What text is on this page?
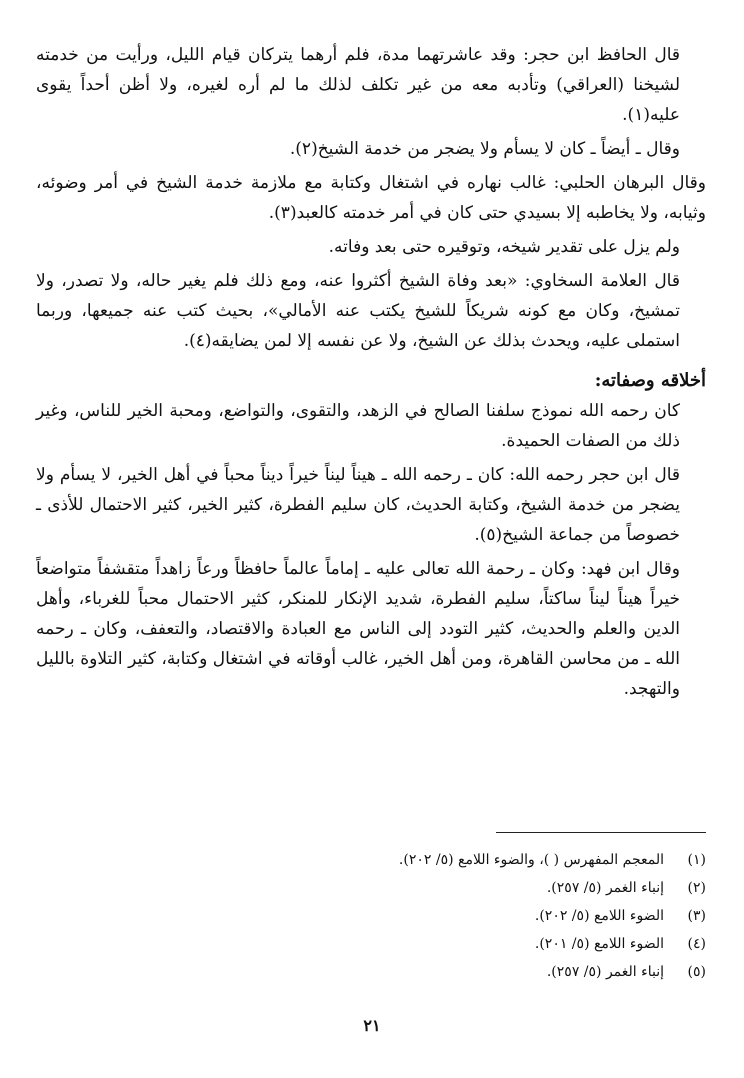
قال الحافظ ابن حجر: وقد عاشرتهما مدة، فلم أرهما يتركان قيام الليل، ورأيت من خدمته لشيخنا (العراقي) وتأدبه معه من غير تكلف لذلك ما لم أره لغيره، ولا أظن أحداً يقوى عليه(١).

وقال ـ أيضاً ـ كان لا يسأم ولا يضجر من خدمة الشيخ(٢).

وقال البرهان الحلبي: غالب نهاره في اشتغال وكتابة مع ملازمة خدمة الشيخ في أمر وضوئه، وثيابه، ولا يخاطبه إلا بسيدي حتى كان في أمر خدمته كالعبد(٣).

ولم يزل على تقدير شيخه، وتوقيره حتى بعد وفاته.

قال العلامة السخاوي: «بعد وفاة الشيخ أكثروا عنه، ومع ذلك فلم يغير حاله، ولا تصدر، ولا تمشيخ، وكان مع كونه شريكاً للشيخ يكتب عنه الأمالي»، بحيث كتب عنه جميعها، وربما استملى عليه، ويحدث بذلك عن الشيخ، ولا عن نفسه إلا لمن يضايقه(٤).

أخلاقه وصفاته:

كان رحمه الله نموذج سلفنا الصالح في الزهد، والتقوى، والتواضع، ومحبة الخير للناس، وغير ذلك من الصفات الحميدة.

قال ابن حجر رحمه الله: كان ـ رحمه الله ـ هيناً ليناً خيراً ديناً محباً في أهل الخير، لا يسأم ولا يضجر من خدمة الشيخ، وكتابة الحديث، كان سليم الفطرة، كثير الخير، كثير الاحتمال للأذى ـ خصوصاً من جماعة الشيخ(٥).

وقال ابن فهد: وكان ـ رحمة الله تعالى عليه ـ إماماً عالماً حافظاً ورعاً زاهداً متقشفاً متواضعاً خيراً هيناً ليناً ساكتاً، سليم الفطرة، شديد الإنكار للمنكر، كثير الاحتمال محباً للغرباء، وأهل الدين والعلم والحديث، كثير التودد إلى الناس مع العبادة والاقتصاد، والتعفف، وكان ـ رحمه الله ـ من محاسن القاهرة، ومن أهل الخير، غالب أوقاته في اشتغال وكتابة، كثير التلاوة بالليل والتهجد.

(١)
المعجم المفهرس ( )، والضوء اللامع (٥/ ٢٠٢).
(٢)
إنباء الغمر (٥/ ٢٥٧).
(٣)
الضوء اللامع (٥/ ٢٠٢).
(٤)
الضوء اللامع (٥/ ٢٠١).
(٥)
إنباء الغمر (٥/ ٢٥٧).
٢١
